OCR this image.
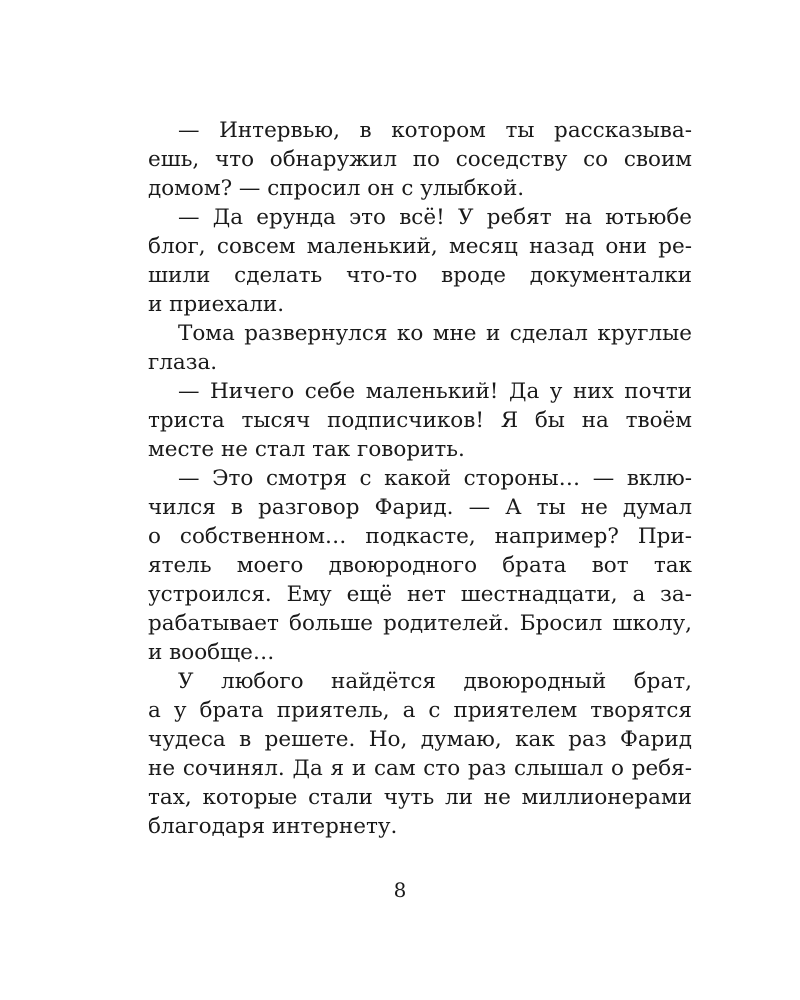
— Интервью, в котором ты рассказыва-
ешь, что обнаружил по соседству со своим
домом? — спросил он с улыбкой.
— Да ерунда это всё! У ребят на ютьюбе
блог, совсем маленький, месяц назад они ре-
шили сделать что-то вроде документалки
и приехали.
Тома развернулся ко мне и сделал круглые
глаза.
— Ничего себе маленький! Да у них почти
триста тысяч подписчиков! Я бы на твоём
месте не стал так говорить.
— Это смотря с какой стороны… — вклю-
чился в разговор Фарид. — А ты не думал
о собственном… подкасте, например? При-
ятель моего двоюродного брата вот так
устроился. Ему ещё нет шестнадцати, а за-
рабатывает больше родителей. Бросил школу,
и вообще…
У любого найдётся двоюродный брат,
а у брата приятель, а с приятелем творятся
чудеса в решете. Но, думаю, как раз Фарид
не сочинял. Да я и сам сто раз слышал о ребя-
тах, которые стали чуть ли не миллионерами
благодаря интернету.
8
